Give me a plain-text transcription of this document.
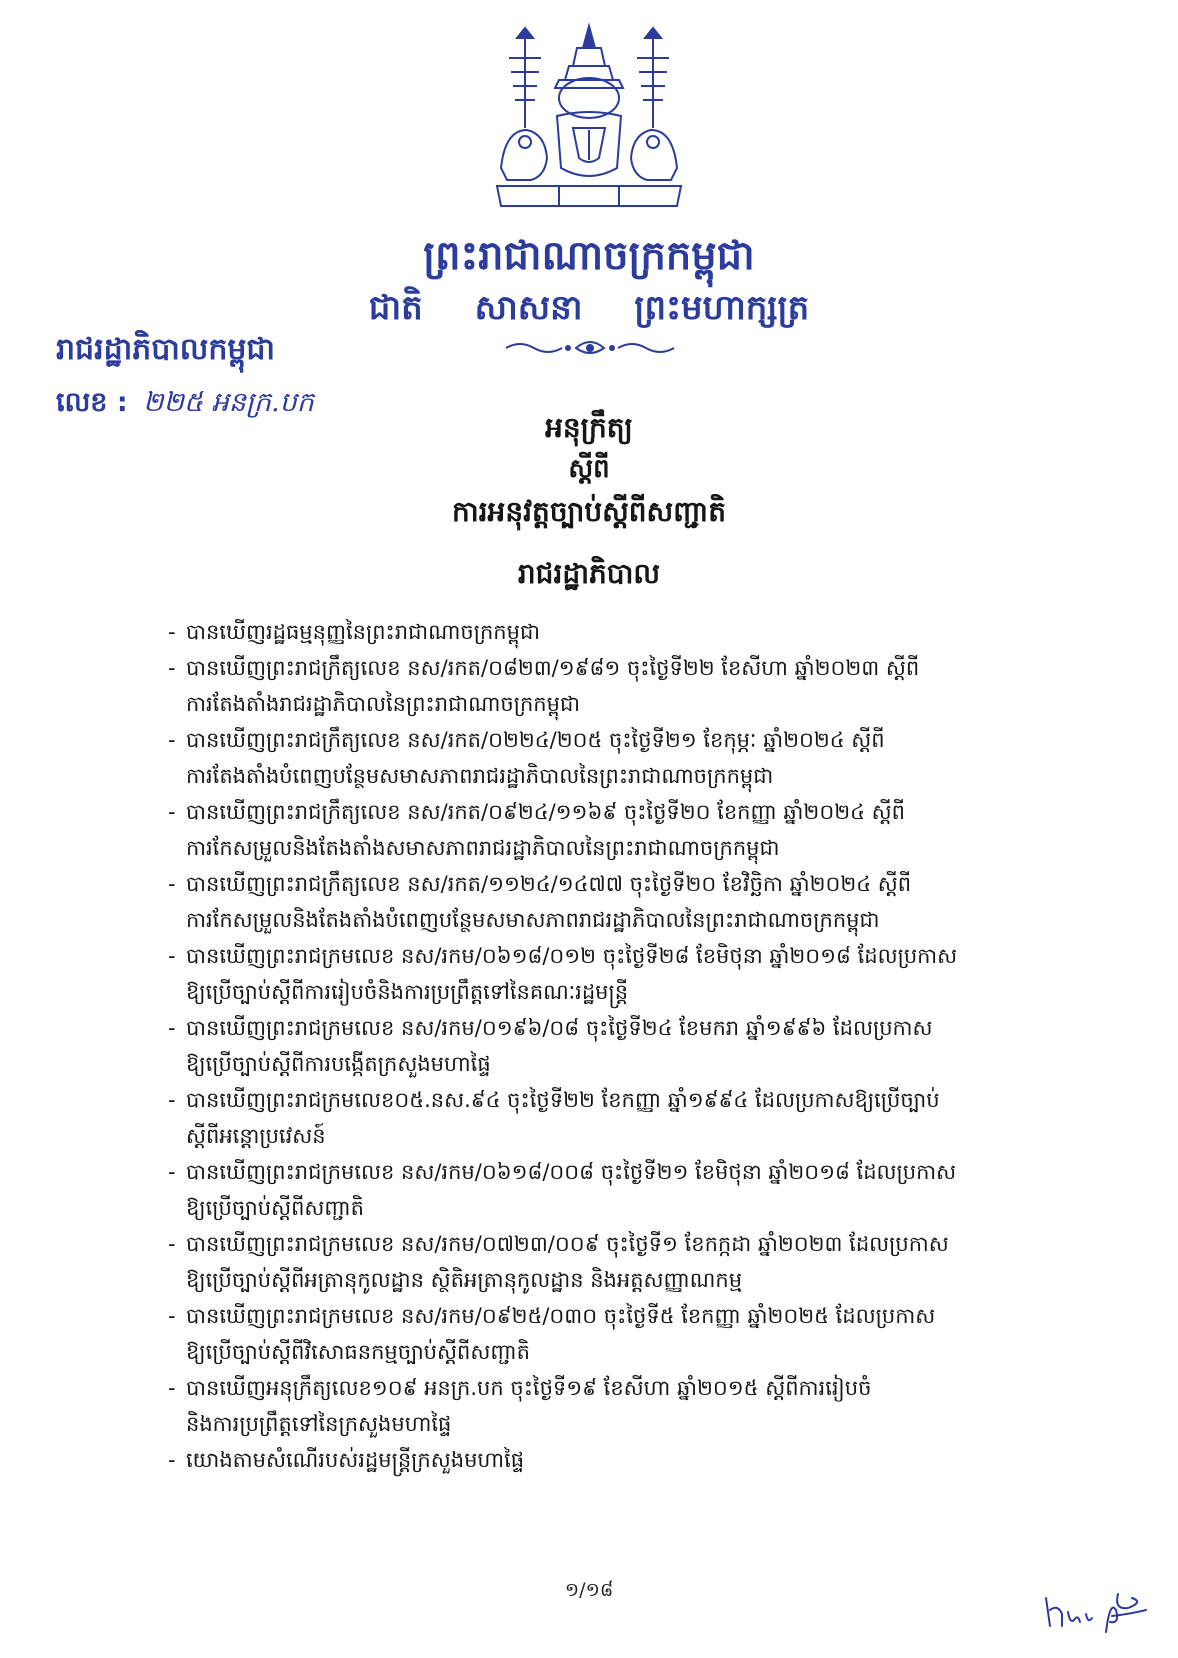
ព្រះរាជាណាចក្រកម្ពុជា
ជាតិ សាសនា ព្រះមហាក្សត្រ
រាជរដ្ឋាភិបាលកម្ពុជា
លេខ : ២២៥ អនក្រ.បក
អនុក្រឹត្យ
ស្តីពី
ការអនុវត្តច្បាប់ស្តីពីសញ្ជាតិ
រាជរដ្ឋាភិបាល
- បានឃើញរដ្ឋធម្មនុញ្ញនៃព្រះរាជាណាចក្រកម្ពុជា
- បានឃើញព្រះរាជក្រឹត្យលេខ នស/រកត/០៨២៣/១៩៨១ ចុះថ្ងៃទី២២ ខែសីហា ឆ្នាំ២០២៣ ស្តីពី
ការតែងតាំងរាជរដ្ឋាភិបាលនៃព្រះរាជាណាចក្រកម្ពុជា
- បានឃើញព្រះរាជក្រឹត្យលេខ នស/រកត/០២២៤/២០៥ ចុះថ្ងៃទី២១ ខែកុម្ភៈ ឆ្នាំ២០២៤ ស្តីពី
ការតែងតាំងបំពេញបន្ថែមសមាសភាពរាជរដ្ឋាភិបាលនៃព្រះរាជាណាចក្រកម្ពុជា
- បានឃើញព្រះរាជក្រឹត្យលេខ នស/រកត/០៩២៤/១១៦៩ ចុះថ្ងៃទី២០ ខែកញ្ញា ឆ្នាំ២០២៤ ស្តីពី
ការកែសម្រួលនិងតែងតាំងសមាសភាពរាជរដ្ឋាភិបាលនៃព្រះរាជាណាចក្រកម្ពុជា
- បានឃើញព្រះរាជក្រឹត្យលេខ នស/រកត/១១២៤/១៤៧៧ ចុះថ្ងៃទី២០ ខែវិច្ឆិកា ឆ្នាំ២០២៤ ស្តីពី
ការកែសម្រួលនិងតែងតាំងបំពេញបន្ថែមសមាសភាពរាជរដ្ឋាភិបាលនៃព្រះរាជាណាចក្រកម្ពុជា
- បានឃើញព្រះរាជក្រមលេខ នស/រកម/០៦១៨/០១២ ចុះថ្ងៃទី២៨ ខែមិថុនា ឆ្នាំ២០១៨ ដែលប្រកាស
ឱ្យប្រើច្បាប់ស្តីពីការរៀបចំនិងការប្រព្រឹត្តទៅនៃគណៈរដ្ឋមន្ត្រី
- បានឃើញព្រះរាជក្រមលេខ នស/រកម/០១៩៦/០៨ ចុះថ្ងៃទី២៤ ខែមករា ឆ្នាំ១៩៩៦ ដែលប្រកាស
ឱ្យប្រើច្បាប់ស្តីពីការបង្កើតក្រសួងមហាផ្ទៃ
- បានឃើញព្រះរាជក្រមលេខ០៥.នស.៩៤ ចុះថ្ងៃទី២២ ខែកញ្ញា ឆ្នាំ១៩៩៤ ដែលប្រកាសឱ្យប្រើច្បាប់
ស្តីពីអន្តោប្រវេសន៍
- បានឃើញព្រះរាជក្រមលេខ នស/រកម/០៦១៨/០០៨ ចុះថ្ងៃទី២១ ខែមិថុនា ឆ្នាំ២០១៨ ដែលប្រកាស
ឱ្យប្រើច្បាប់ស្តីពីសញ្ជាតិ
- បានឃើញព្រះរាជក្រមលេខ នស/រកម/០៧២៣/០០៩ ចុះថ្ងៃទី១ ខែកក្កដា ឆ្នាំ២០២៣ ដែលប្រកាស
ឱ្យប្រើច្បាប់ស្តីពីអត្រានុកូលដ្ឋាន ស្ថិតិអត្រានុកូលដ្ឋាន និងអត្តសញ្ញាណកម្ម
- បានឃើញព្រះរាជក្រមលេខ នស/រកម/០៩២៥/០៣០ ចុះថ្ងៃទី៥ ខែកញ្ញា ឆ្នាំ២០២៥ ដែលប្រកាស
ឱ្យប្រើច្បាប់ស្តីពីវិសោធនកម្មច្បាប់ស្តីពីសញ្ជាតិ
- បានឃើញអនុក្រឹត្យលេខ១០៩ អនក្រ.បក ចុះថ្ងៃទី១៩ ខែសីហា ឆ្នាំ២០១៥ ស្តីពីការរៀបចំ
និងការប្រព្រឹត្តទៅនៃក្រសួងមហាផ្ទៃ
- យោងតាមសំណើរបស់រដ្ឋមន្ត្រីក្រសួងមហាផ្ទៃ
១/១៨
